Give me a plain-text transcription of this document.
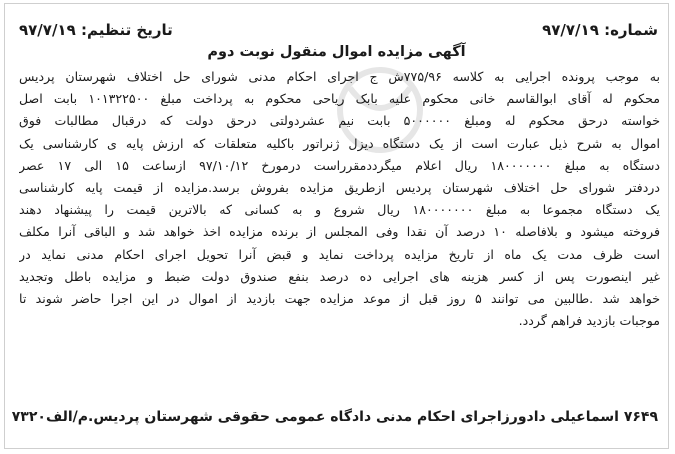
شماره: ۹۷/۷/۱۹
تاریخ تنظیم: ۹۷/۷/۱۹
آگهی مزایده اموال منقول نوبت دوم
به موجب پرونده اجرایی به کلاسه ۷۷۵/۹۶ش ج اجرای احکام مدنی شورای حل اختلاف شهرستان پردیس
محکوم له آقای ابوالقاسم خانی محکوم علیه بابک ریاحی محکوم به پرداخت مبلغ ۱۰۱۳۲۲۵۰۰ بابت اصل
خواسته درحق محکوم له ومبلغ ۵۰۰۰۰۰۰ بابت نیم عشردولتی درحق دولت که درقبال مطالبات فوق
اموال به شرح ذیل عبارت است از یک دستگاه دیزل ژنراتور باکلیه متعلقات که ارزش پایه ی کارشناسی یک
دستگاه به مبلغ ۱۸۰۰۰۰۰۰۰ ریال اعلام میگرددمقرراست درمورخ ۹۷/۱۰/۱۲ ازساعت ۱۵ الی ۱۷ عصر
دردفتر شورای حل اختلاف شهرستان پردیس ازطریق مزایده بفروش برسد.مزایده از قیمت پایه کارشناسی
یک دستگاه مجموعا به مبلغ ۱۸۰۰۰۰۰۰۰ ریال شروع و به کسانی که بالاترین قیمت را پیشنهاد دهند
فروخته میشود و بلافاصله ۱۰ درصد آن نقدا وفی المجلس از برنده مزایده اخذ خواهد شد و الباقی آنرا مکلف
است ظرف مدت یک ماه از تاریخ مزایده پرداخت نماید و قبض آنرا تحویل اجرای احکام مدنی نماید در
غیر اینصورت پس از کسر هزینه های اجرایی ده درصد بنفع صندوق دولت ضبط و مزایده باطل وتجدید
خواهد شد .طالبین می توانند ۵ روز قبل از موعد مزایده جهت بازدید از اموال در این اجرا حاضر شوند تا
موجبات بازدید فراهم گردد.
۷۶۴۹ اسماعیلی دادورزاجرای احکام مدنی دادگاه عمومی حقوقی شهرستان پردیس.م/الف۷۳۲۰
